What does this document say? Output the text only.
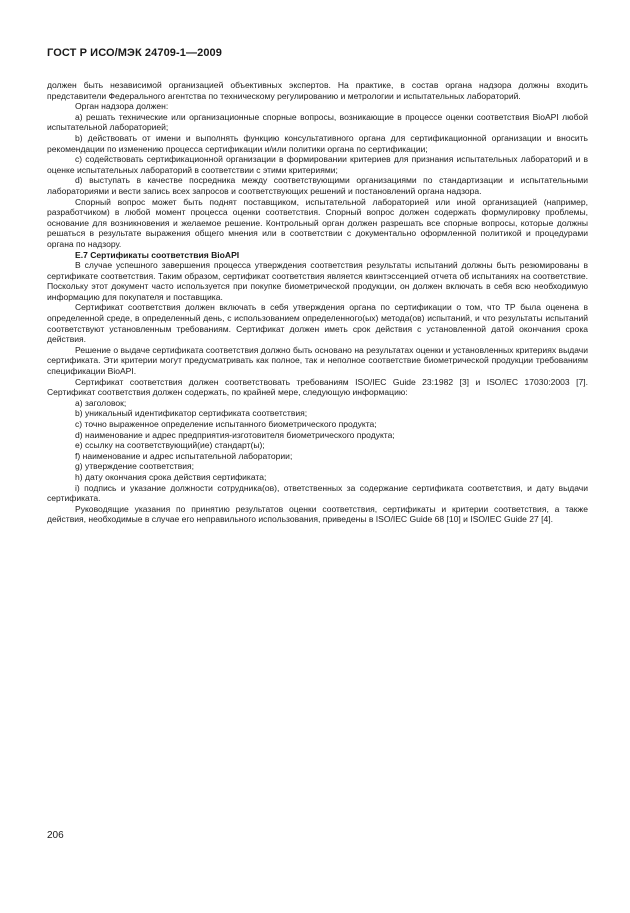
ГОСТ Р ИСО/МЭК 24709-1—2009

должен быть независимой организацией объективных экспертов. На практике, в состав органа надзора должны входить представители Федерального агентства по техническому регулированию и метрологии и испытательных лабораторий.

Орган надзора должен:

a) решать технические или организационные спорные вопросы, возникающие в процессе оценки соответствия BioAPI любой испытательной лабораторией;

b) действовать от имени и выполнять функцию консультативного органа для сертификационной организации и вносить рекомендации по изменению процесса сертификации и/или политики органа по сертификации;

c) содействовать сертификационной организации в формировании критериев для признания испытательных лабораторий и в оценке испытательных лабораторий в соответствии с этими критериями;

d) выступать в качестве посредника между соответствующими организациями по стандартизации и испытательными лабораториями и вести запись всех запросов и соответствующих решений и постановлений органа надзора.

Спорный вопрос может быть поднят поставщиком, испытательной лабораторией или иной организацией (например, разработчиком) в любой момент процесса оценки соответствия. Спорный вопрос должен содержать формулировку проблемы, основание для возникновения и желаемое решение. Контрольный орган должен разрешать все спорные вопросы, которые должны решаться в результате выражения общего мнения или в соответствии с документально оформленной политикой и процедурами органа по надзору.

E.7 Сертификаты соответствия BioAPI

В случае успешного завершения процесса утверждения соответствия результаты испытаний должны быть резюмированы в сертификате соответствия. Таким образом, сертификат соответствия является квинтэссенцией отчета об испытаниях на соответствие. Поскольку этот документ часто используется при покупке биометрической продукции, он должен включать в себя всю необходимую информацию для покупателя и поставщика.

Сертификат соответствия должен включать в себя утверждения органа по сертификации о том, что ТР была оценена в определенной среде, в определенный день, с использованием определенного(ых) метода(ов) испытаний, и что результаты испытаний соответствуют установленным требованиям. Сертификат должен иметь срок действия с установленной датой окончания срока действия.

Решение о выдаче сертификата соответствия должно быть основано на результатах оценки и установленных критериях выдачи сертификата. Эти критерии могут предусматривать как полное, так и неполное соответствие биометрической продукции требованиям спецификации BioAPI.

Сертификат соответствия должен соответствовать требованиям ISO/IEC Guide 23:1982 [3] и ISO/IEC 17030:2003 [7]. Сертификат соответствия должен содержать, по крайней мере, следующую информацию:

a) заголовок;

b) уникальный идентификатор сертификата соответствия;

c) точно выраженное определение испытанного биометрического продукта;

d) наименование и адрес предприятия-изготовителя биометрического продукта;

e) ссылку на соответствующий(ие) стандарт(ы);

f) наименование и адрес испытательной лаборатории;

g) утверждение соответствия;

h) дату окончания срока действия сертификата;

i) подпись и указание должности сотрудника(ов), ответственных за содержание сертификата соответствия, и дату выдачи сертификата.

Руководящие указания по принятию результатов оценки соответствия, сертификаты и критерии соответствия, а также действия, необходимые в случае его неправильного использования, приведены в ISO/IEC Guide 68 [10] и ISO/IEC Guide 27 [4].

206
